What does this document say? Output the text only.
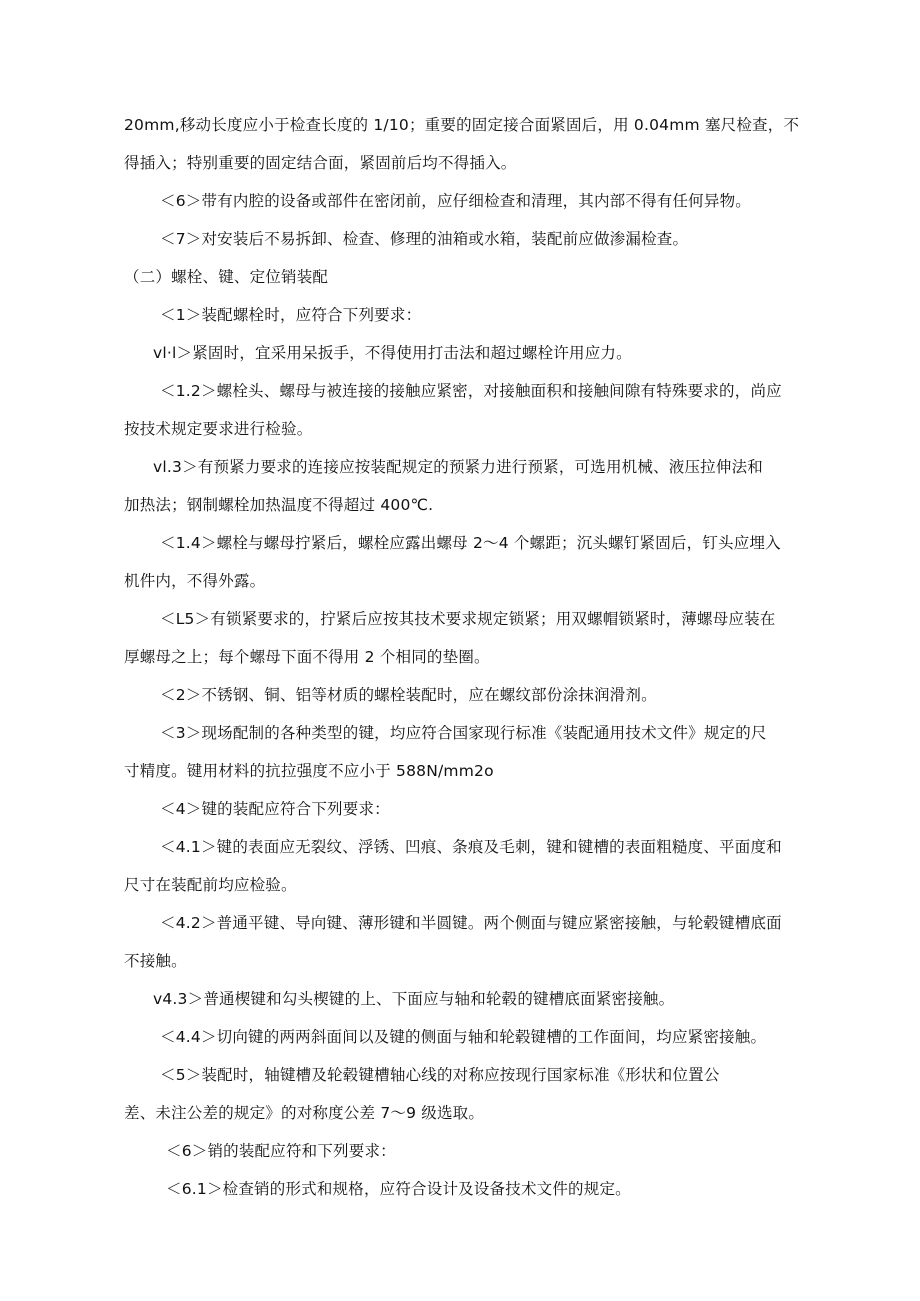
20mm,移动长度应小于检查长度的 1/10；重要的固定接合面紧固后，用 0.04mm 塞尺检查，不
得插入；特别重要的固定结合面，紧固前后均不得插入。
＜6＞带有内腔的设备或部件在密闭前，应仔细检查和清理，其内部不得有任何异物。
＜7＞对安装后不易拆卸、检查、修理的油箱或水箱，装配前应做渗漏检查。
（二）螺栓、键、定位销装配
＜1＞装配螺栓时，应符合下列要求：
vl·l＞紧固时，宜采用呆扳手，不得使用打击法和超过螺栓许用应力。
＜1.2＞螺栓头、螺母与被连接的接触应紧密，对接触面积和接触间隙有特殊要求的，尚应
按技术规定要求进行检验。
vl.3＞有预紧力要求的连接应按装配规定的预紧力进行预紧，可选用机械、液压拉伸法和
加热法；钢制螺栓加热温度不得超过 400℃.
＜1.4＞螺栓与螺母拧紧后，螺栓应露出螺母 2～4 个螺距；沉头螺钉紧固后，钉头应埋入
机件内，不得外露。
＜L5＞有锁紧要求的，拧紧后应按其技术要求规定锁紧；用双螺帽锁紧时，薄螺母应装在
厚螺母之上；每个螺母下面不得用 2 个相同的垫圈。
＜2＞不锈钢、铜、铝等材质的螺栓装配时，应在螺纹部份涂抹润滑剂。
＜3＞现场配制的各种类型的键，均应符合国家现行标准《装配通用技术文件》规定的尺
寸精度。键用材料的抗拉强度不应小于 588N∕mm2o
＜4＞键的装配应符合下列要求：
＜4.1＞键的表面应无裂纹、浮锈、凹痕、条痕及毛刺，键和键槽的表面粗糙度、平面度和
尺寸在装配前均应检验。
＜4.2＞普通平键、导向键、薄形键和半圆键。两个侧面与键应紧密接触，与轮毂键槽底面
不接触。
v4.3＞普通楔键和勾头楔键的上、下面应与轴和轮毂的键槽底面紧密接触。
＜4.4＞切向键的两两斜面间以及键的侧面与轴和轮毂键槽的工作面间，均应紧密接触。
＜5＞装配时，轴键槽及轮毂键槽轴心线的对称应按现行国家标准《形状和位置公
差、未注公差的规定》的对称度公差 7～9 级选取。
＜6＞销的装配应符和下列要求：
＜6.1＞检查销的形式和规格，应符合设计及设备技术文件的规定。
